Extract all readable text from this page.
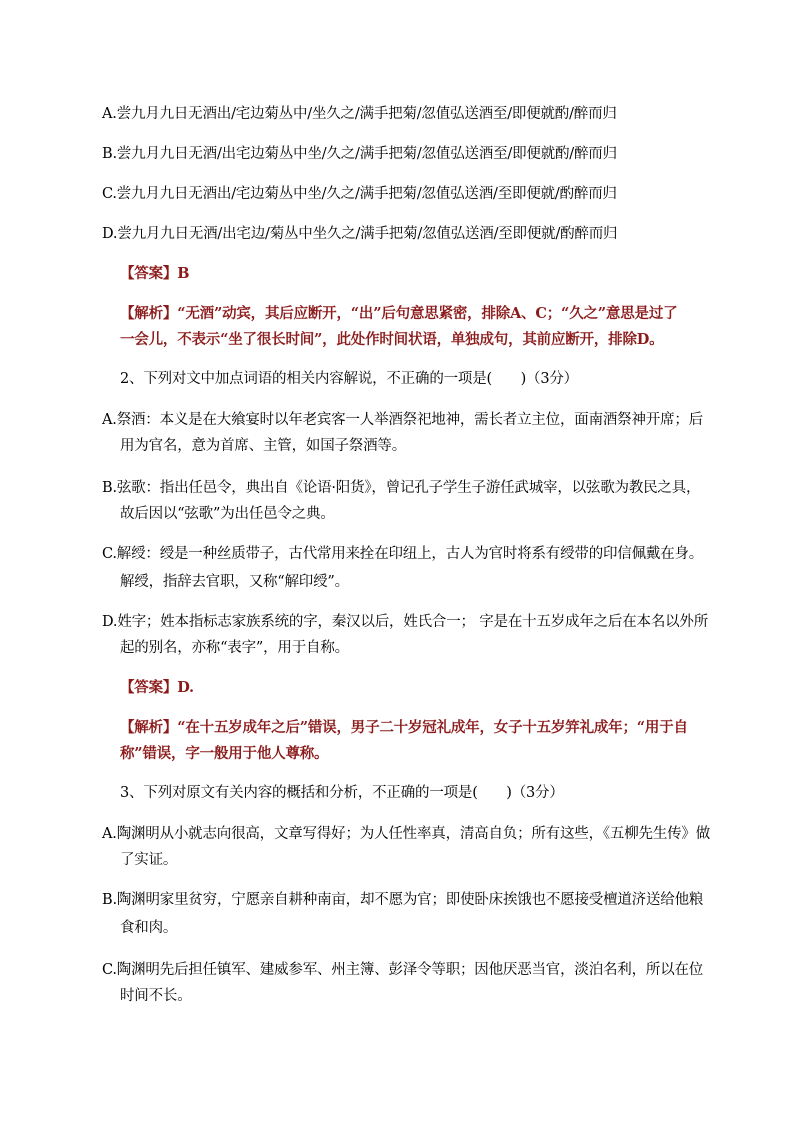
A.尝九月九日无酒出/宅边菊丛中/坐久之/满手把菊/忽值弘送酒至/即便就酌/醉而归
B.尝九月九日无酒/出宅边菊丛中坐/久之/满手把菊/忽值弘送酒至/即便就酌/醉而归
C.尝九月九日无酒出/宅边菊丛中坐/久之/满手把菊/忽值弘送酒/至即便就/酌醉而归
D.尝九月九日无酒/出宅边/菊丛中坐久之/满手把菊/忽值弘送酒/至即便就/酌醉而归
【答案】B
【解析】“无酒”动宾，其后应断开，“出”后句意思紧密，排除A、C；“久之”意思是过了
一会儿，不表示“坐了很长时间”，此处作时间状语，单独成句，其前应断开，排除D。
2、下列对文中加点词语的相关内容解说，不正确的一项是(　　)（3分）
A.祭酒：本义是在大飨宴时以年老宾客一人举酒祭祀地神，需长者立主位，面南酒祭神开席；后
用为官名，意为首席、主管，如国子祭酒等。
B.弦歌：指出任邑令，典出自《论语·阳货》，曾记孔子学生子游任武城宰，以弦歌为教民之具，
故后因以“弦歌”为出任邑令之典。
C.解绶：绶是一种丝质带子，古代常用来拴在印纽上，古人为官时将系有绶带的印信佩戴在身。
解绶，指辞去官职，又称“解印绶”。
D.姓字；姓本指标志家族系统的字，秦汉以后，姓氏合一； 字是在十五岁成年之后在本名以外所
起的别名，亦称“表字”，用于自称。
【答案】D.
【解析】“在十五岁成年之后”错误，男子二十岁冠礼成年，女子十五岁笄礼成年；“用于自
称”错误，字一般用于他人尊称。
3、下列对原文有关内容的概括和分析，不正确的一项是(　　)（3分）
A.陶渊明从小就志向很高，文章写得好；为人任性率真，清高自负；所有这些，《五柳先生传》做
了实证。
B.陶渊明家里贫穷，宁愿亲自耕种南亩，却不愿为官；即使卧床挨饿也不愿接受檀道济送给他粮
食和肉。
C.陶渊明先后担任镇军、建威参军、州主簿、彭泽令等职；因他厌恶当官，淡泊名利，所以在位
时间不长。
